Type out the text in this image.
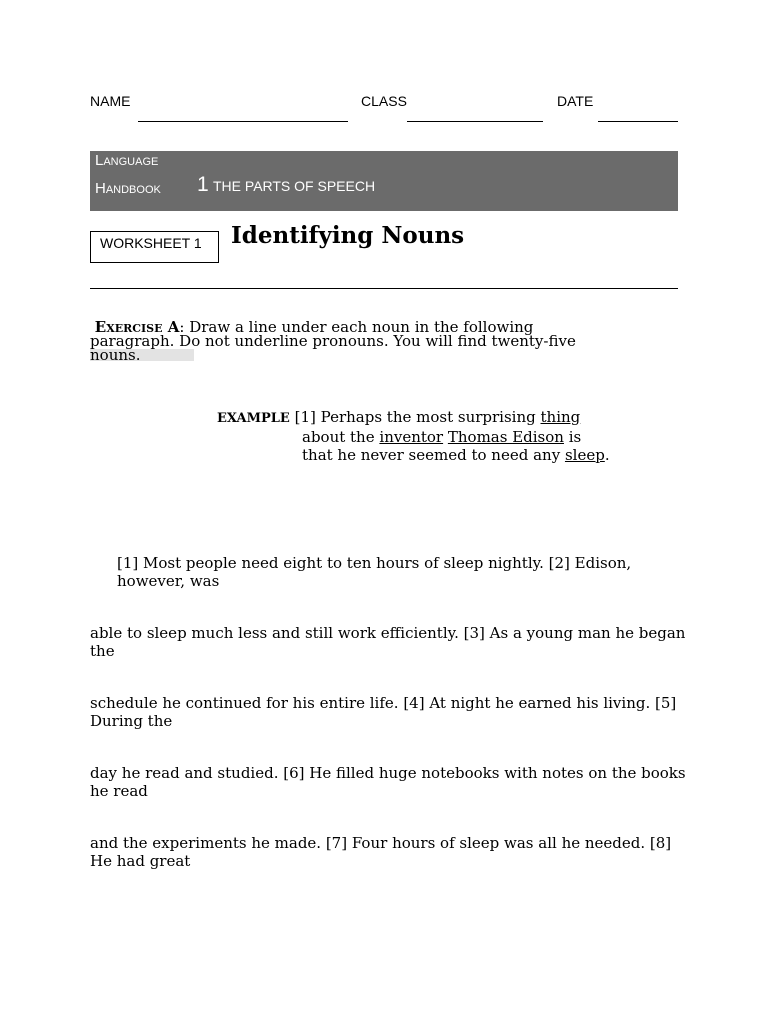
NAME	CLASS	DATE
Language
Handbook 1 THE PARTS OF SPEECH
WORKSHEET 1 Identifying Nouns
Exercise A: Draw a line under each noun in the following paragraph. Do not underline pronouns. You will find twenty-five nouns.
EXAMPLE [1] Perhaps the most surprising thing
about the inventor Thomas Edison is
that he never seemed to need any sleep.
[1] Most people need eight to ten hours of sleep nightly. [2] Edison, however, was
able to sleep much less and still work efficiently. [3] As a young man he began the
schedule he continued for his entire life. [4] At night he earned his living. [5] During the
day he read and studied. [6] He filled huge notebooks with notes on the books he read
and the experiments he made. [7] Four hours of sleep was all he needed. [8] He had great
